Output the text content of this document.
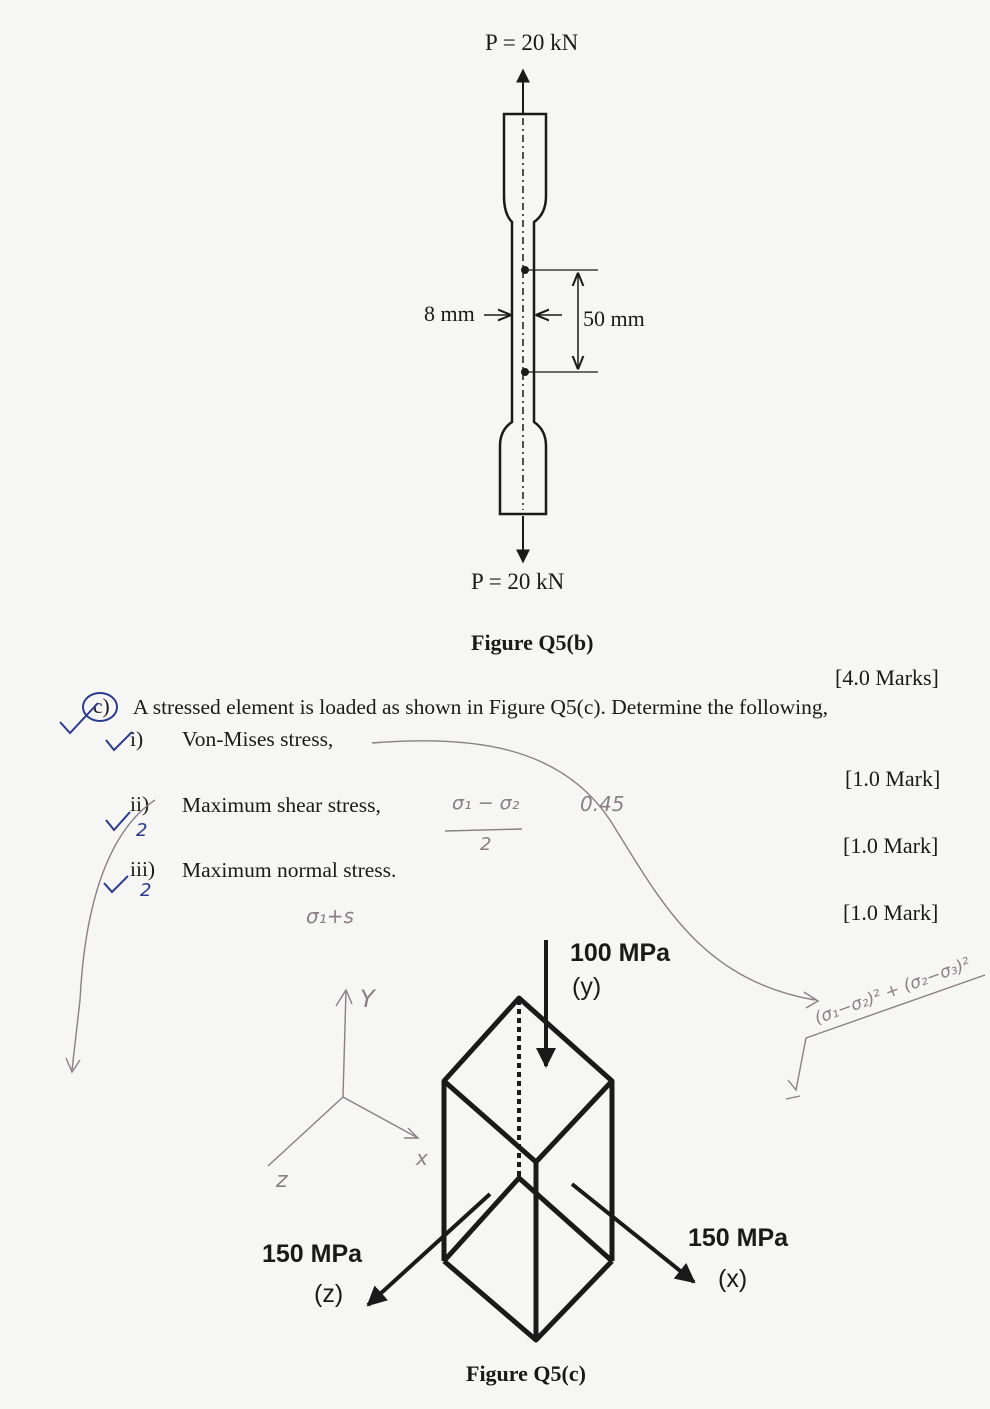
P = 20 kN
P = 20 kN
8 mm	50 mm
Figure Q5(b)
[4.0 Marks]
c) A stressed element is loaded as shown in Figure Q5(c). Determine the following,
i) Von-Mises stress,
[1.0 Mark]
ii) Maximum shear stress,
[1.0 Mark]
iii) Maximum normal stress.
[1.0 Mark]
100 MPa
(y)
150 MPa
(x)
150 MPa
(z)
Figure Q5(c)
σ₁ − σ₂
2
0.45
σ₁+s
Y
x
z
2
2
(σ₁−σ₂)² + (σ₂−σ₃)²
